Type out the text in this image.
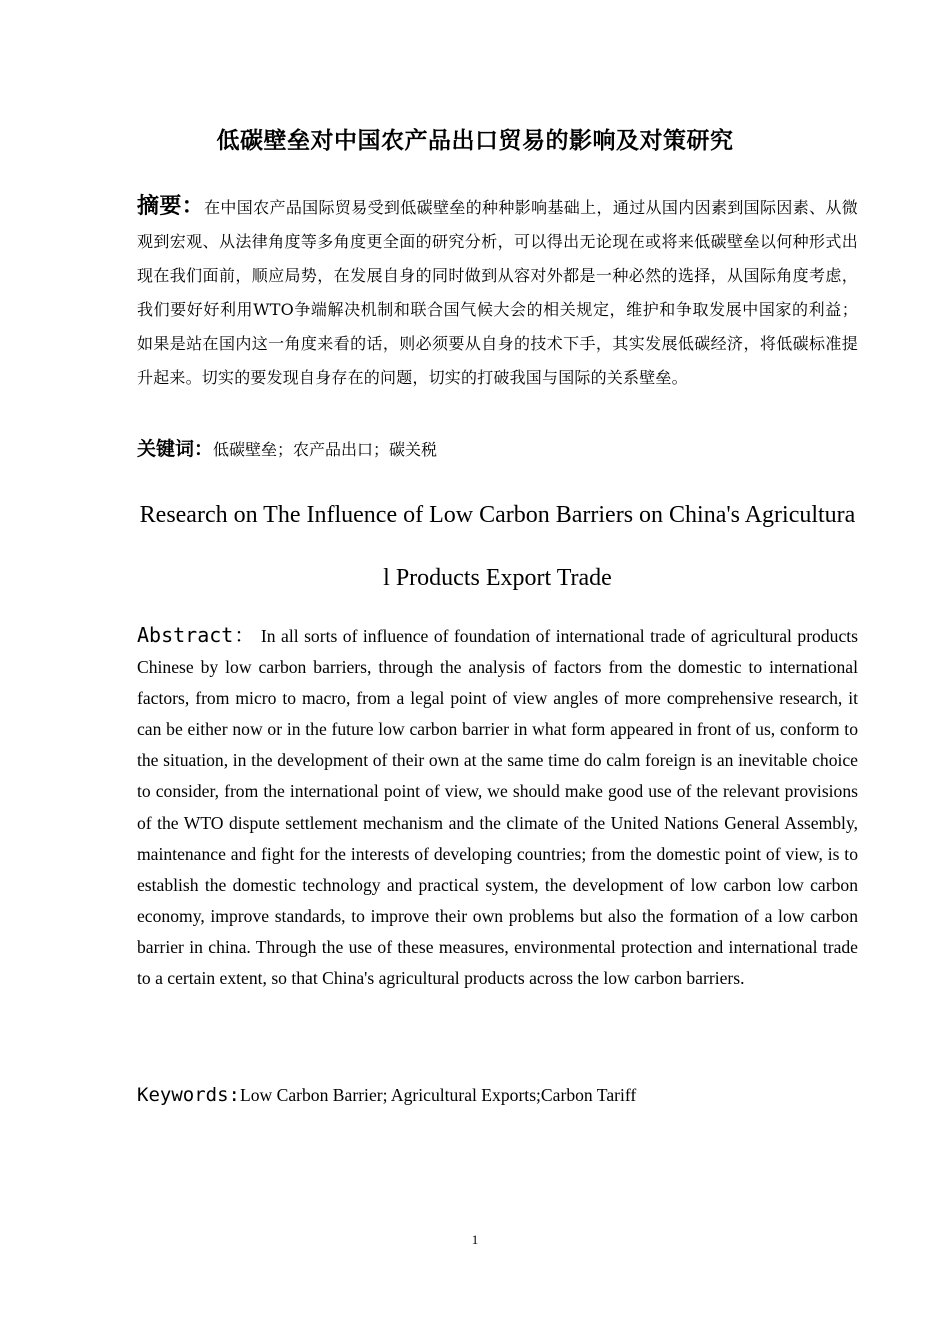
低碳壁垒对中国农产品出口贸易的影响及对策研究
摘要：在中国农产品国际贸易受到低碳壁垒的种种影响基础上，通过从国内因素到国际因素、从微观到宏观、从法律角度等多角度更全面的研究分析，可以得出无论现在或将来低碳壁垒以何种形式出现在我们面前，顺应局势，在发展自身的同时做到从容对外都是一种必然的选择，从国际角度考虑，我们要好好利用WTO争端解决机制和联合国气候大会的相关规定，维护和争取发展中国家的利益；如果是站在国内这一角度来看的话，则必须要从自身的技术下手，其实发展低碳经济，将低碳标准提升起来。切实的要发现自身存在的问题，切实的打破我国与国际的关系壁垒。
关键词：低碳壁垒；农产品出口；碳关税
Research on The Influence of Low Carbon Barriers on China's Agricultural Products Export Trade
Abstract： In all sorts of influence of foundation of international trade of agricultural products Chinese by low carbon barriers, through the analysis of factors from the domestic to international factors, from micro to macro, from a legal point of view angles of more comprehensive research, it can be either now or in the future low carbon barrier in what form appeared in front of us, conform to the situation, in the development of their own at the same time do calm foreign is an inevitable choice to consider, from the international point of view, we should make good use of the relevant provisions of the WTO dispute settlement mechanism and the climate of the United Nations General Assembly, maintenance and fight for the interests of developing countries; from the domestic point of view, is to establish the domestic technology and practical system, the development of low carbon low carbon economy, improve standards, to improve their own problems but also the formation of a low carbon barrier in china. Through the use of these measures, environmental protection and international trade to a certain extent, so that China's agricultural products across the low carbon barriers.
Keywords:Low Carbon Barrier; Agricultural Exports;Carbon Tariff
1
